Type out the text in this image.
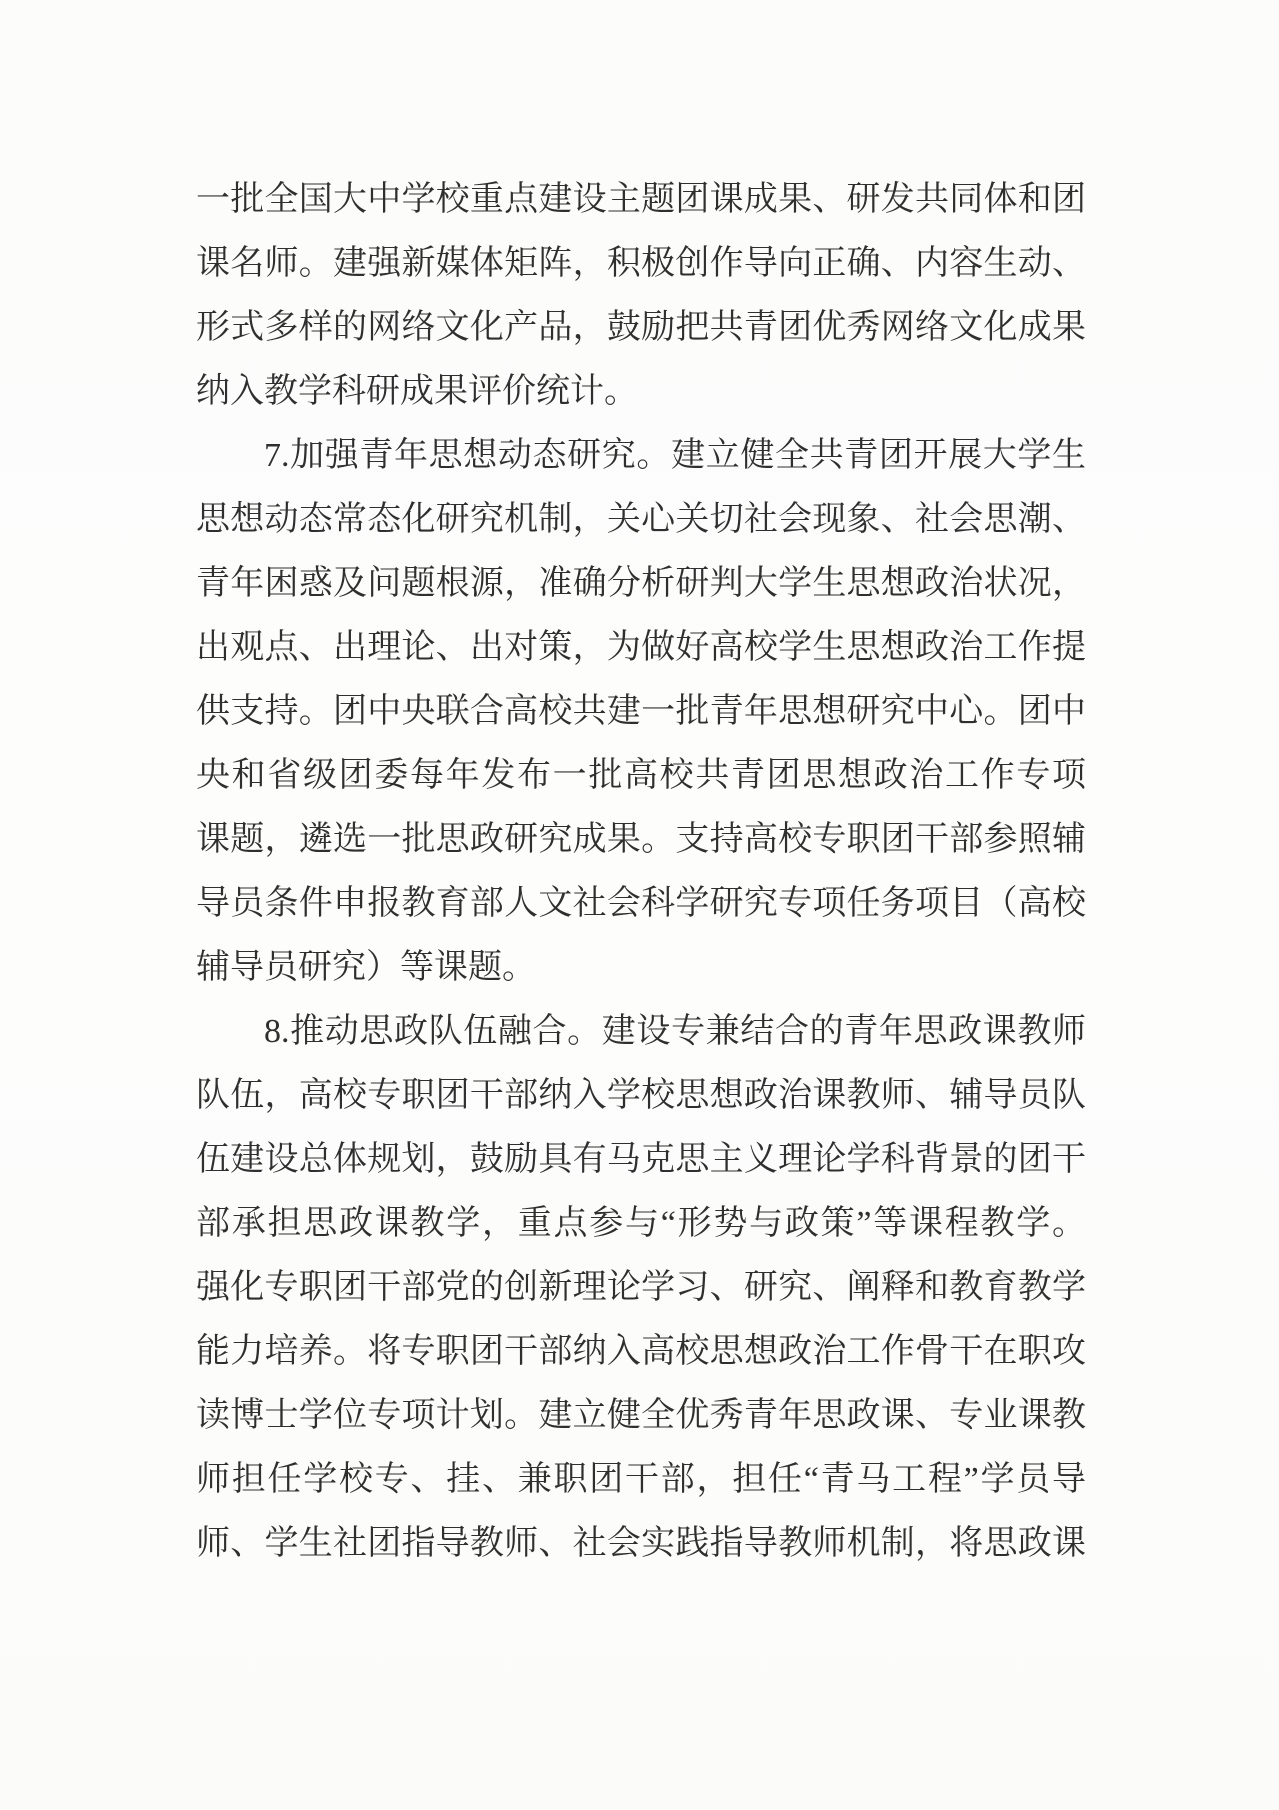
一批全国大中学校重点建设主题团课成果、研发共同体和团
课名师。建强新媒体矩阵，积极创作导向正确、内容生动、
形式多样的网络文化产品，鼓励把共青团优秀网络文化成果
纳入教学科研成果评价统计。
7.加强青年思想动态研究。建立健全共青团开展大学生
思想动态常态化研究机制，关心关切社会现象、社会思潮、
青年困惑及问题根源，准确分析研判大学生思想政治状况，
出观点、出理论、出对策，为做好高校学生思想政治工作提
供支持。团中央联合高校共建一批青年思想研究中心。团中
央和省级团委每年发布一批高校共青团思想政治工作专项
课题，遴选一批思政研究成果。支持高校专职团干部参照辅
导员条件申报教育部人文社会科学研究专项任务项目（高校
辅导员研究）等课题。
8.推动思政队伍融合。建设专兼结合的青年思政课教师
队伍，高校专职团干部纳入学校思想政治课教师、辅导员队
伍建设总体规划，鼓励具有马克思主义理论学科背景的团干
部承担思政课教学，重点参与“形势与政策”等课程教学。
强化专职团干部党的创新理论学习、研究、阐释和教育教学
能力培养。将专职团干部纳入高校思想政治工作骨干在职攻
读博士学位专项计划。建立健全优秀青年思政课、专业课教
师担任学校专、挂、兼职团干部，担任“青马工程”学员导
师、学生社团指导教师、社会实践指导教师机制，将思政课
